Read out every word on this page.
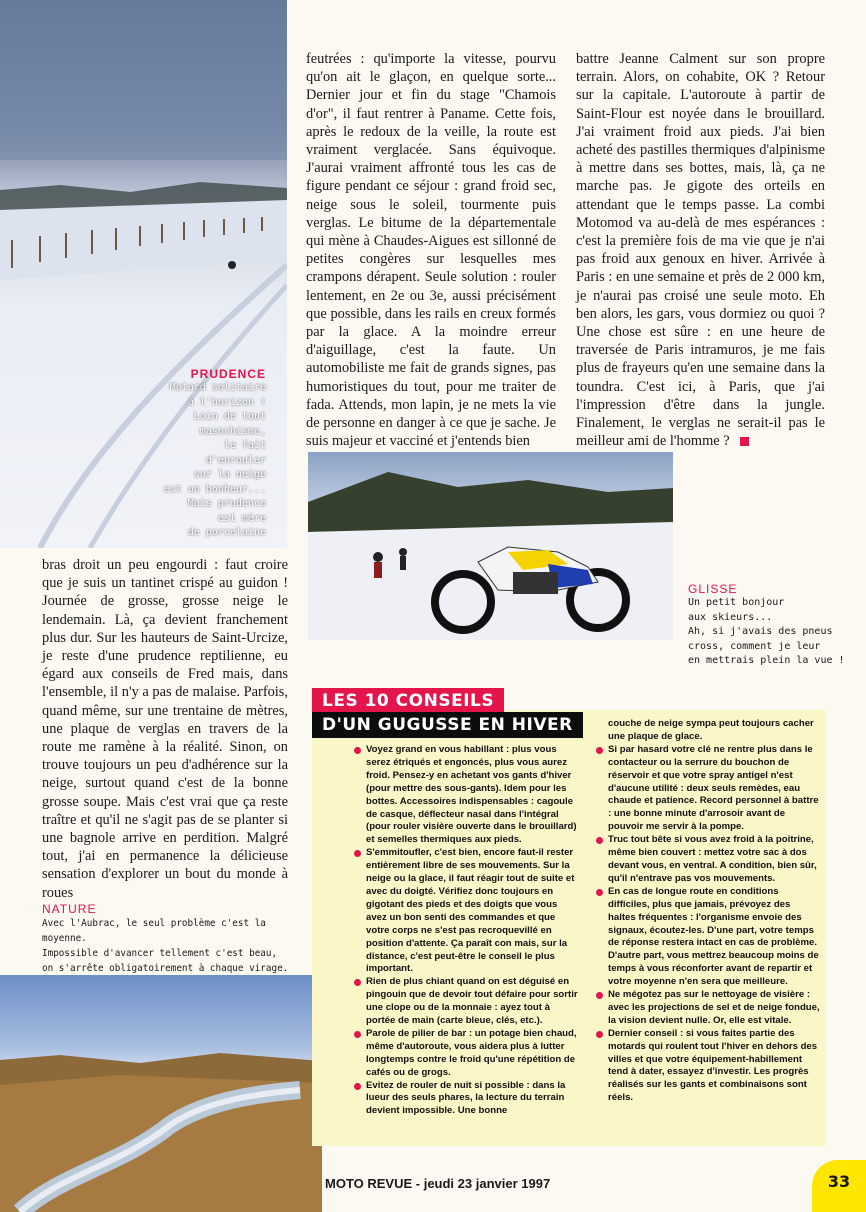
PRUDENCE
Motard solitaire
à l'horizon !
Loin de tout
masochisme,
le fait d'enrouler
sur la neige
est un bonheur...
Mais prudence
est mère
de porcelaine

feutrées : qu'importe la vitesse, pourvu qu'on ait le glaçon, en quelque sorte... Dernier jour et fin du stage "Chamois d'or", il faut rentrer à Paname. Cette fois, après le redoux de la veille, la route est vraiment verglacée. Sans équivoque. J'aurai vraiment affronté tous les cas de figure pendant ce séjour : grand froid sec, neige sous le soleil, tourmente puis verglas. Le bitume de la départementale qui mène à Chaudes-Aigues est sillonné de petites congères sur lesquelles mes crampons dérapent. Seule solution : rouler lentement, en 2e ou 3e, aussi précisément que possible, dans les rails en creux formés par la glace. A la moindre erreur d'aiguillage, c'est la faute. Un automobiliste me fait de grands signes, pas humoristiques du tout, pour me traiter de fada. Attends, mon lapin, je ne mets la vie de personne en danger à ce que je sache. Je suis majeur et vacciné et j'entends bien

battre Jeanne Calment sur son propre terrain. Alors, on cohabite, OK ? Retour sur la capitale. L'autoroute à partir de Saint-Flour est noyée dans le brouillard. J'ai vraiment froid aux pieds. J'ai bien acheté des pastilles thermiques d'alpinisme à mettre dans ses bottes, mais, là, ça ne marche pas. Je gigote des orteils en attendant que le temps passe. La combi Motomod va au-delà de mes espérances : c'est la première fois de ma vie que je n'ai pas froid aux genoux en hiver. Arrivée à Paris : en une semaine et près de 2 000 km, je n'aurai pas croisé une seule moto. Eh ben alors, les gars, vous dormiez ou quoi ? Une chose est sûre : en une heure de traversée de Paris intramuros, je me fais plus de frayeurs qu'en une semaine dans la toundra. C'est ici, à Paris, que j'ai l'impression d'être dans la jungle. Finalement, le verglas ne serait-il pas le meilleur ami de l'homme ?

GLISSE
Un petit bonjour
aux skieurs...
Ah, si j'avais des pneus
cross, comment je leur
en mettrais plein la vue !

bras droit un peu engourdi : faut croire que je suis un tantinet crispé au guidon ! Journée de grosse, grosse neige le lendemain. Là, ça devient franchement plus dur. Sur les hauteurs de Saint-Urcize, je reste d'une prudence reptilienne, eu égard aux conseils de Fred mais, dans l'ensemble, il n'y a pas de malaise. Parfois, quand même, sur une trentaine de mètres, une plaque de verglas en travers de la route me ramène à la réalité. Sinon, on trouve toujours un peu d'adhérence sur la neige, surtout quand c'est de la bonne grosse soupe. Mais c'est vrai que ça reste traître et qu'il ne s'agit pas de se planter si une bagnole arrive en perdition. Malgré tout, j'ai en permanence la délicieuse sensation d'explorer un bout du monde à roues

NATURE
Avec l'Aubrac, le seul problème c'est la moyenne.
Impossible d'avancer tellement c'est beau,
on s'arrête obligatoirement à chaque virage.
LES 10 CONSEILS
D'UN GUGUSSE EN HIVER
Voyez grand en vous habillant : plus vous serez étriqués et engoncés, plus vous aurez froid. Pensez-y en achetant vos gants d'hiver (pour mettre des sous-gants). Idem pour les bottes. Accessoires indispensables : cagoule de casque, déflecteur nasal dans l'intégral (pour rouler visière ouverte dans le brouillard)
et semelles thermiques aux pieds.
S'emmitoufler, c'est bien, encore faut-il rester entièrement libre de ses mouvements. Sur la neige ou la glace, il faut réagir tout de suite et avec du doigté. Vérifiez donc toujours en gigotant des pieds et des doigts que vous avez un bon senti des commandes et que votre corps ne s'est pas recroquevillé en position d'attente. Ça paraît con mais, sur la distance, c'est peut-être le conseil le plus important.
Rien de plus chiant quand on est déguisé en pingouin que de devoir tout défaire pour sortir une clope ou de la monnaie : ayez tout à portée de main (carte bleue, clés, etc.).
Parole de pilier de bar : un potage bien chaud, même d'autoroute, vous aidera plus à lutter longtemps contre le froid qu'une répétition de cafés ou de grogs.
Evitez de rouler de nuit si possible : dans la lueur des seuls phares, la lecture du terrain devient impossible. Une bonne
couche de neige sympa peut toujours cacher une plaque de glace.
Si par hasard votre clé ne rentre plus dans le contacteur ou la serrure du bouchon de réservoir et que votre spray antigel n'est d'aucune utilité : deux seuls remèdes, eau chaude et patience. Record personnel à battre : une bonne minute d'arrosoir avant de pouvoir me servir à la pompe.
Truc tout bête si vous avez froid à la poitrine, même bien couvert : mettez votre sac à dos devant vous, en ventral. A condition, bien sûr, qu'il n'entrave pas vos mouvements.
En cas de longue route en conditions difficiles, plus que jamais, prévoyez des haltes fréquentes : l'organisme envoie des signaux, écoutez-les. D'une part, votre temps de réponse restera intact en cas de problème. D'autre part, vous mettrez beaucoup moins de temps à vous réconforter avant de repartir et votre moyenne n'en sera que meilleure.
Ne mégotez pas sur le nettoyage de visière : avec les projections de sel et de neige fondue, la vision devient nulle. Or, elle est vitale.
Dernier conseil : si vous faites partie des motards qui roulent tout l'hiver en dehors des villes et que votre équipement-habillement tend à dater, essayez d'investir. Les progrès réalisés sur les gants et combinaisons sont réels.
MOTO REVUE - jeudi 23 janvier 1997	33
